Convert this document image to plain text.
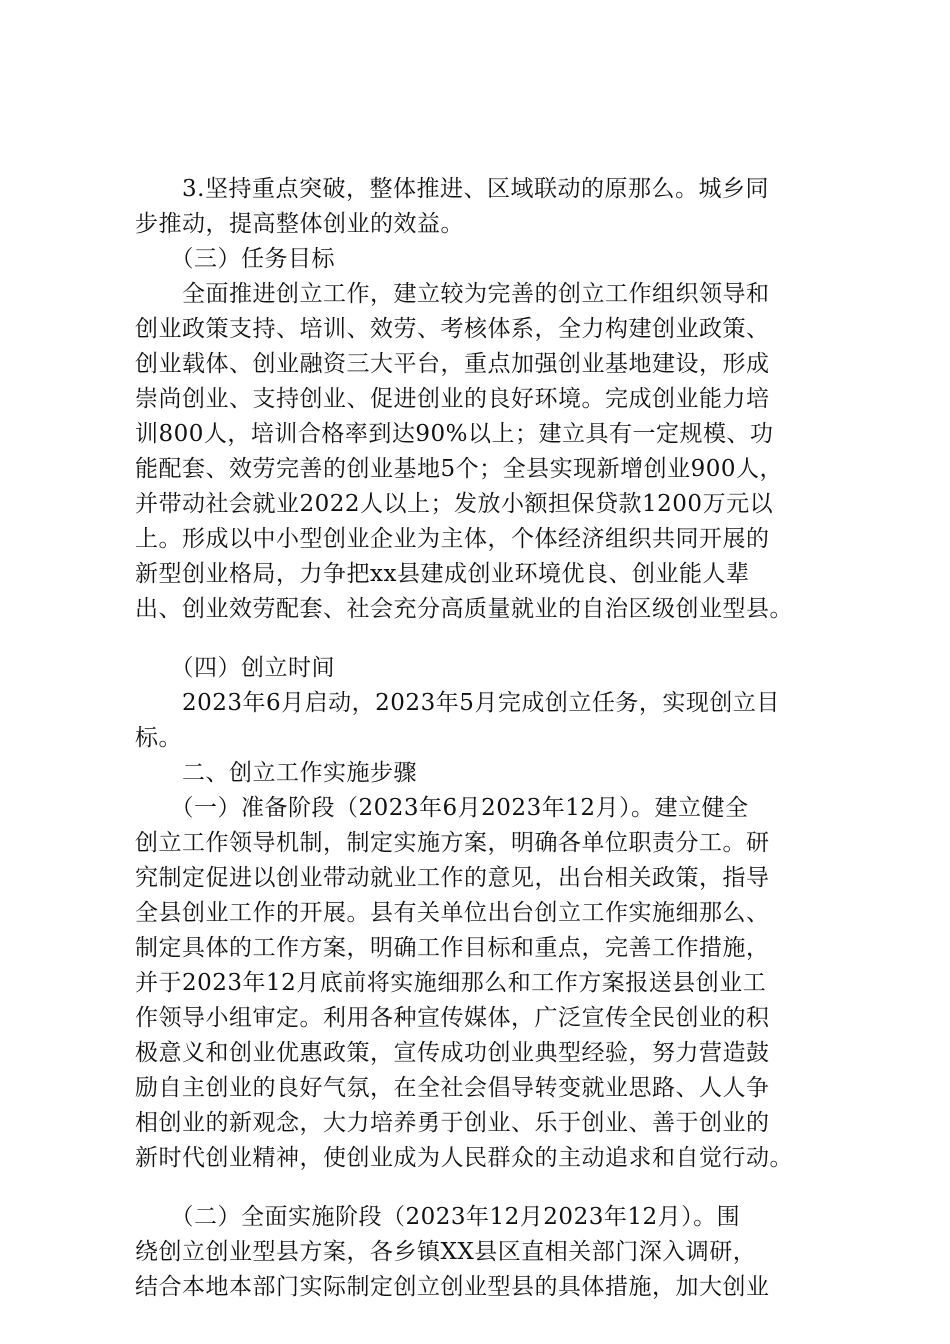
　　3.坚持重点突破，整体推进、区域联动的原那么。城乡同
步推动，提高整体创业的效益。
　　（三）任务目标
　　全面推进创立工作，建立较为完善的创立工作组织领导和
创业政策支持、培训、效劳、考核体系，全力构建创业政策、
创业载体、创业融资三大平台，重点加强创业基地建设，形成
崇尚创业、支持创业、促进创业的良好环境。完成创业能力培
训800人，培训合格率到达90%以上；建立具有一定规模、功
能配套、效劳完善的创业基地5个；全县实现新增创业900人，
并带动社会就业2022人以上；发放小额担保贷款1200万元以
上。形成以中小型创业企业为主体，个体经济组织共同开展的
新型创业格局，力争把xx县建成创业环境优良、创业能人辈
出、创业效劳配套、社会充分高质量就业的自治区级创业型县。
　　（四）创立时间
　　2023年6月启动，2023年5月完成创立任务，实现创立目
标。
　　二、创立工作实施步骤
　　（一）准备阶段（2023年6月2023年12月）。建立健全
创立工作领导机制，制定实施方案，明确各单位职责分工。研
究制定促进以创业带动就业工作的意见，出台相关政策，指导
全县创业工作的开展。县有关单位出台创立工作实施细那么、
制定具体的工作方案，明确工作目标和重点，完善工作措施，
并于2023年12月底前将实施细那么和工作方案报送县创业工
作领导小组审定。利用各种宣传媒体，广泛宣传全民创业的积
极意义和创业优惠政策，宣传成功创业典型经验，努力营造鼓
励自主创业的良好气氛，在全社会倡导转变就业思路、人人争
相创业的新观念，大力培养勇于创业、乐于创业、善于创业的
新时代创业精神，使创业成为人民群众的主动追求和自觉行动。
　　（二）全面实施阶段（2023年12月2023年12月）。围
绕创立创业型县方案，各乡镇XX县区直相关部门深入调研，
结合本地本部门实际制定创立创业型县的具体措施，加大创业
